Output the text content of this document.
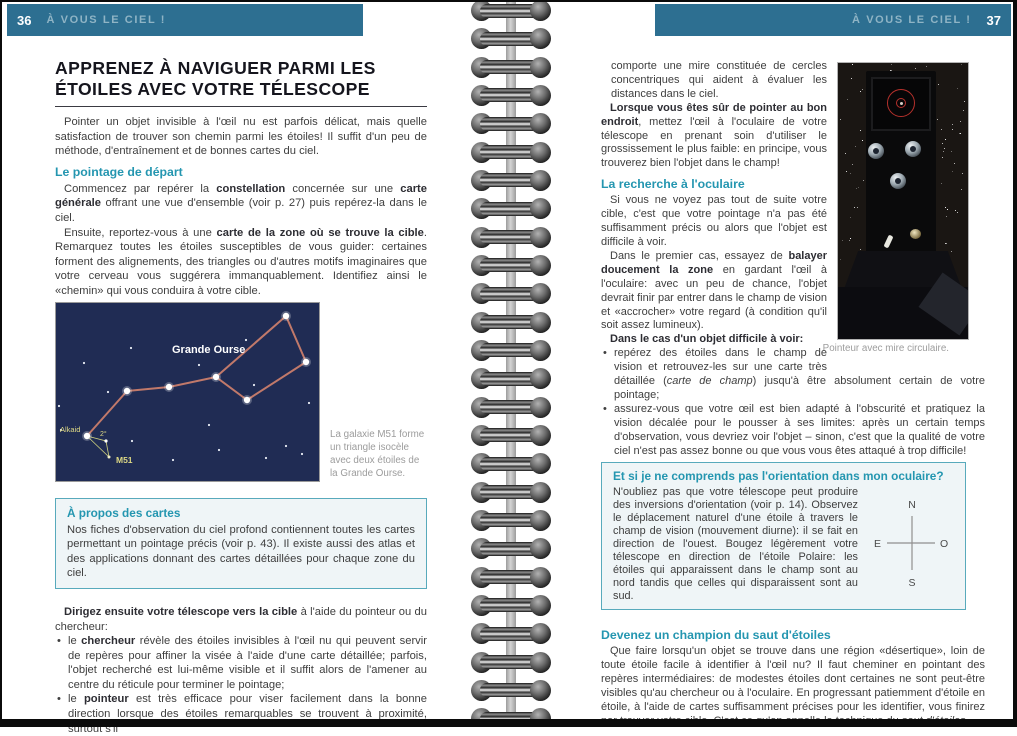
36 À VOUS LE CIEL !
APPRENEZ À NAVIGUER PARMI LES ÉTOILES AVEC VOTRE TÉLESCOPE

Pointer un objet invisible à l'œil nu est parfois délicat, mais quelle satisfaction de trouver son chemin parmi les étoiles! Il suffit d'un peu de méthode, d'entraînement et de bonnes cartes du ciel.

Le pointage de départ

Commencez par repérer la constellation concernée sur une carte générale offrant une vue d'ensemble (voir p. 27) puis repérez-la dans le ciel.

Ensuite, reportez-vous à une carte de la zone où se trouve la cible. Remarquez toutes les étoiles susceptibles de vous guider: certaines forment des alignements, des triangles ou d'autres motifs imaginaires que votre cerveau vous suggérera immanquablement. Identifiez ainsi le «chemin» qui vous conduira à votre cible.

Grande Ourse
Alkaid
2°
M51
La galaxie M51 forme un triangle isocèle avec deux étoiles de la Grande Ourse.
À propos des cartes

Nos fiches d'observation du ciel profond contiennent toutes les cartes permettant un pointage précis (voir p. 43). Il existe aussi des atlas et des applications donnant des cartes détaillées pour chaque zone du ciel.

Dirigez ensuite votre télescope vers la cible à l'aide du pointeur ou du chercheur:

• le chercheur révèle des étoiles invisibles à l'œil nu qui peuvent servir de repères pour affiner la visée à l'aide d'une carte détaillée; parfois, l'objet recherché est lui-même visible et il suffit alors de l'amener au centre du réticule pour terminer le pointage;
• le pointeur est très efficace pour viser facilement dans la bonne direction lorsque des étoiles remarquables se trouvent à proximité, surtout s'il
À VOUS LE CIEL ! 37
Pointeur avec mire circulaire.

comporte une mire constituée de cercles concentriques qui aident à évaluer les distances dans le ciel.

Lorsque vous êtes sûr de pointer au bon endroit, mettez l'œil à l'oculaire de votre télescope en prenant soin d'utiliser le grossissement le plus faible: en principe, vous trouverez bien l'objet dans le champ!

La recherche à l'oculaire

Si vous ne voyez pas tout de suite votre cible, c'est que votre pointage n'a pas été suffisamment précis ou alors que l'objet est difficile à voir.

Dans le premier cas, essayez de balayer doucement la zone en gardant l'œil à l'oculaire: avec un peu de chance, l'objet devrait finir par entrer dans le champ de vision et «accrocher» votre regard (à condition qu'il soit assez lumineux).

Dans le cas d'un objet difficile à voir:

• repérez des étoiles dans le champ de vision et retrouvez-les sur une carte très détaillée (carte de champ) jusqu'à être absolument certain de votre pointage;
• assurez-vous que votre œil est bien adapté à l'obscurité et pratiquez la vision décalée pour le pousser à ses limites: après un certain temps d'observation, vous devriez voir l'objet – sinon, c'est que la qualité de votre ciel n'est pas assez bonne ou que vous vous êtes attaqué à trop difficile!
Et si je ne comprends pas l'orientation dans mon oculaire?

N'oubliez pas que votre télescope peut produire des inversions d'orientation (voir p. 14). Observez le déplacement naturel d'une étoile à travers le champ de vision (mouvement diurne): il se fait en direction de l'ouest. Bougez légèrement votre télescope en direction de l'étoile Polaire: les étoiles qui apparaissent dans le champ sont au nord tandis que celles qui disparaissent sont au sud.

N
S
E	O
Devenez un champion du saut d'étoiles

Que faire lorsqu'un objet se trouve dans une région «désertique», loin de toute étoile facile à identifier à l'œil nu? Il faut cheminer en pointant des repères intermédiaires: de modestes étoiles dont certaines ne sont peut-être visibles qu'au chercheur ou à l'oculaire. En progressant patiemment d'étoile en étoile, à l'aide de cartes suffisamment précises pour les identifier, vous finirez par trouver votre cible. C'est ce qu'on appelle la technique du saut d'étoiles.
